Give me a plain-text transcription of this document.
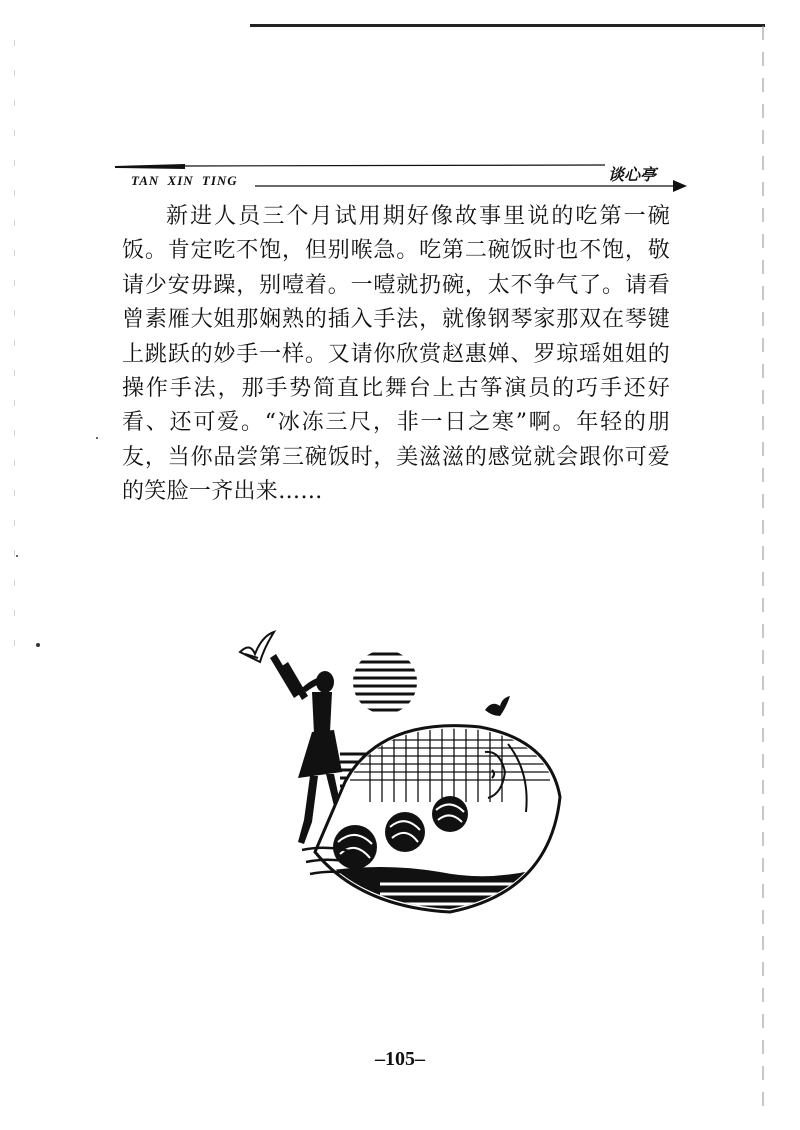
TAN XIN TING	谈心亭

新进人员三个月试用期好像故事里说的吃第一碗饭。肯定吃不饱，但别喉急。吃第二碗饭时也不饱，敬请少安毋躁，别噎着。一噎就扔碗，太不争气了。请看曾素雁大姐那娴熟的插入手法，就像钢琴家那双在琴键上跳跃的妙手一样。又请你欣赏赵惠婵、罗琼瑶姐姐的操作手法，那手势简直比舞台上古筝演员的巧手还好看、还可爱。“冰冻三尺，非一日之寒”啊。年轻的朋友，当你品尝第三碗饭时，美滋滋的感觉就会跟你可爱的笑脸一齐出来……

–105–
